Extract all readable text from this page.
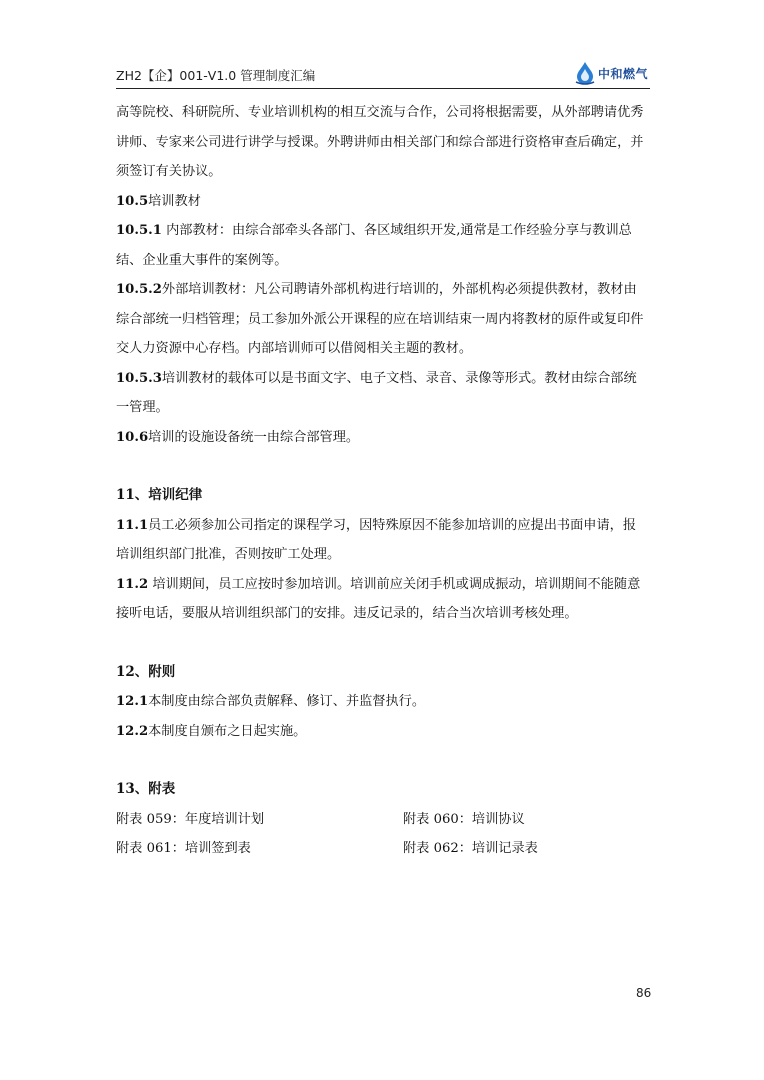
ZH2【企】001-V1.0 管理制度汇编	中和燃气

高等院校、科研院所、专业培训机构的相互交流与合作，公司将根据需要，从外部聘请优秀讲师、专家来公司进行讲学与授课。外聘讲师由相关部门和综合部进行资格审查后确定，并须签订有关协议。

10.5培训教材

10.5.1 内部教材：由综合部牵头各部门、各区域组织开发,通常是工作经验分享与教训总结、企业重大事件的案例等。

10.5.2外部培训教材：凡公司聘请外部机构进行培训的，外部机构必须提供教材，教材由综合部统一归档管理；员工参加外派公开课程的应在培训结束一周内将教材的原件或复印件交人力资源中心存档。内部培训师可以借阅相关主题的教材。

10.5.3培训教材的载体可以是书面文字、电子文档、录音、录像等形式。教材由综合部统一管理。

10.6培训的设施设备统一由综合部管理。

11、培训纪律

11.1员工必须参加公司指定的课程学习，因特殊原因不能参加培训的应提出书面申请，报培训组织部门批准，否则按旷工处理。

11.2 培训期间，员工应按时参加培训。培训前应关闭手机或调成振动，培训期间不能随意接听电话，要服从培训组织部门的安排。违反记录的，结合当次培训考核处理。

12、附则

12.1本制度由综合部负责解释、修订、并监督执行。

12.2本制度自颁布之日起实施。

13、附表

附表 059：年度培训计划	附表 060：培训协议
附表 061：培训签到表	附表 062：培训记录表
86
